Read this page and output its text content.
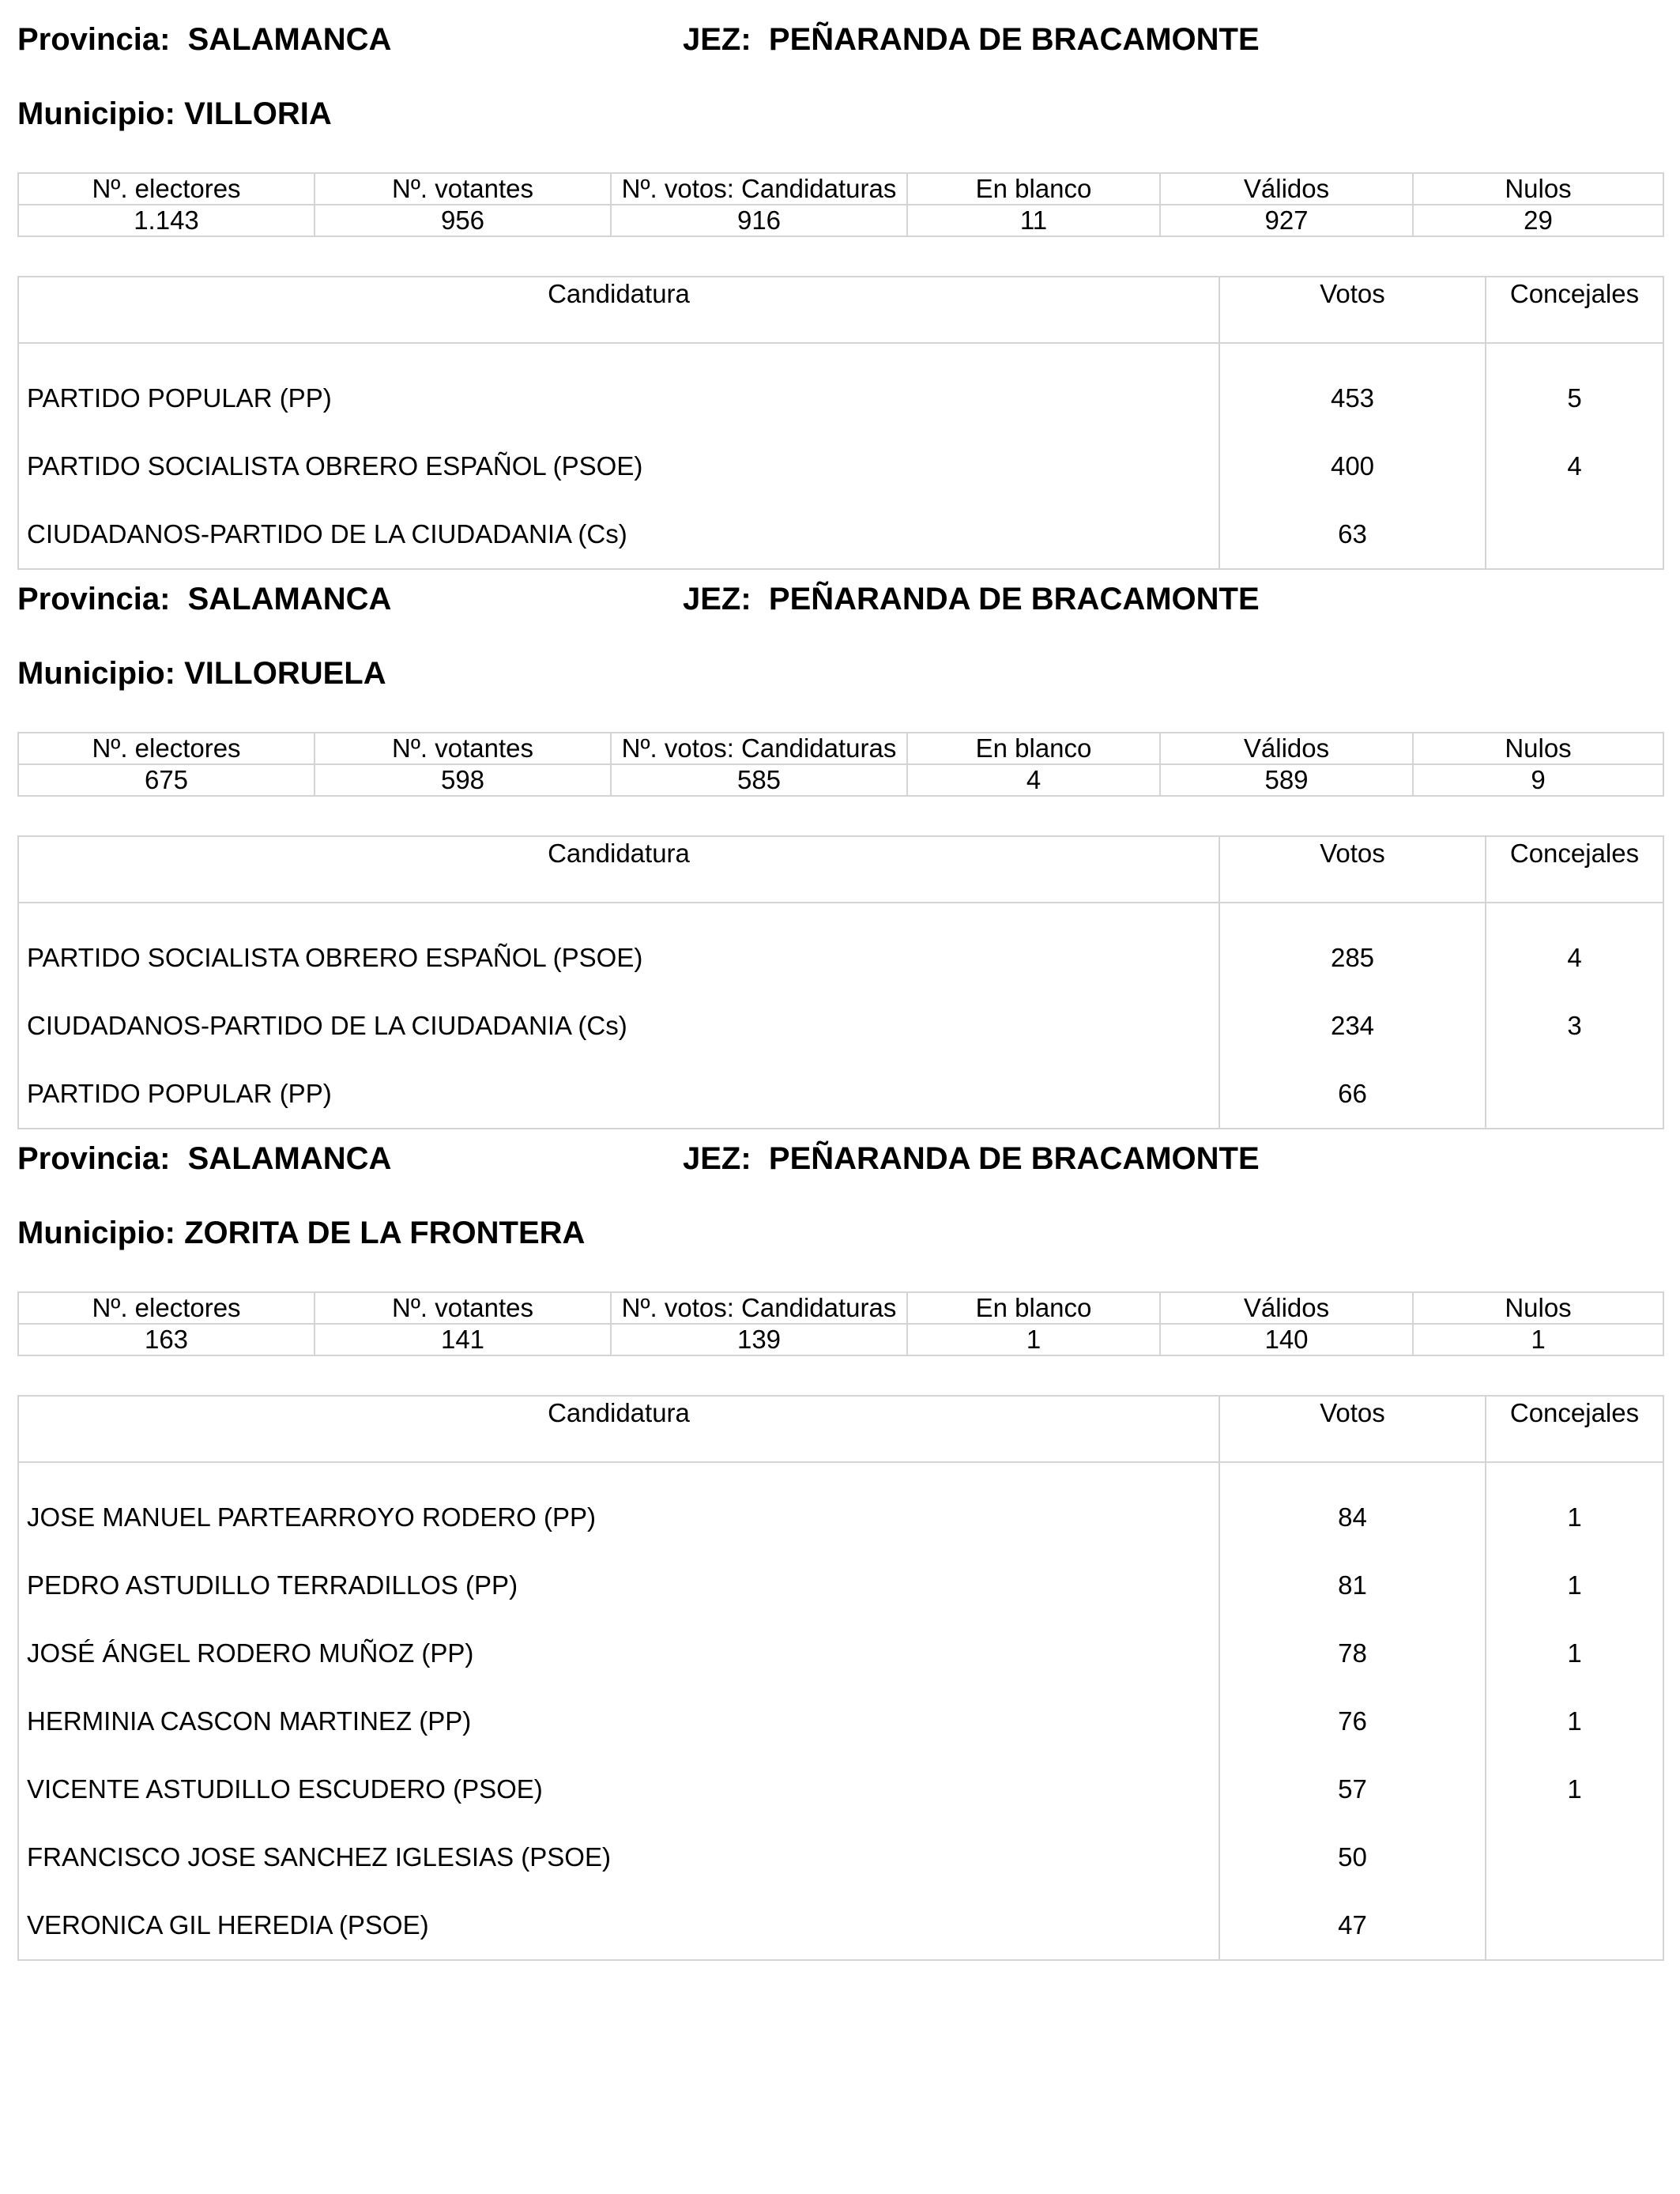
Provincia:  SALAMANCA	JEZ:  PEÑARANDA DE BRACAMONTE
Municipio: VILLORIA
Nº. electores	Nº. votantes	Nº. votos: Candidaturas	En blanco	Válidos	Nulos
1.143	956	916	11	927	29
Candidatura	Votos	Concejales
PARTIDO POPULAR (PP)	453	5
PARTIDO SOCIALISTA OBRERO ESPAÑOL (PSOE)	400	4
CIUDADANOS-PARTIDO DE LA CIUDADANIA (Cs)	63	
Provincia:  SALAMANCA	JEZ:  PEÑARANDA DE BRACAMONTE
Municipio: VILLORUELA
Nº. electores	Nº. votantes	Nº. votos: Candidaturas	En blanco	Válidos	Nulos
675	598	585	4	589	9
Candidatura	Votos	Concejales
PARTIDO SOCIALISTA OBRERO ESPAÑOL (PSOE)	285	4
CIUDADANOS-PARTIDO DE LA CIUDADANIA (Cs)	234	3
PARTIDO POPULAR (PP)	66	
Provincia:  SALAMANCA	JEZ:  PEÑARANDA DE BRACAMONTE
Municipio: ZORITA DE LA FRONTERA
Nº. electores	Nº. votantes	Nº. votos: Candidaturas	En blanco	Válidos	Nulos
163	141	139	1	140	1
Candidatura	Votos	Concejales
JOSE MANUEL PARTEARROYO RODERO (PP)	84	1
PEDRO ASTUDILLO TERRADILLOS (PP)	81	1
JOSÉ ÁNGEL RODERO MUÑOZ (PP)	78	1
HERMINIA CASCON MARTINEZ (PP)	76	1
VICENTE ASTUDILLO ESCUDERO (PSOE)	57	1
FRANCISCO JOSE SANCHEZ IGLESIAS (PSOE)	50	
VERONICA GIL HEREDIA (PSOE)	47	
